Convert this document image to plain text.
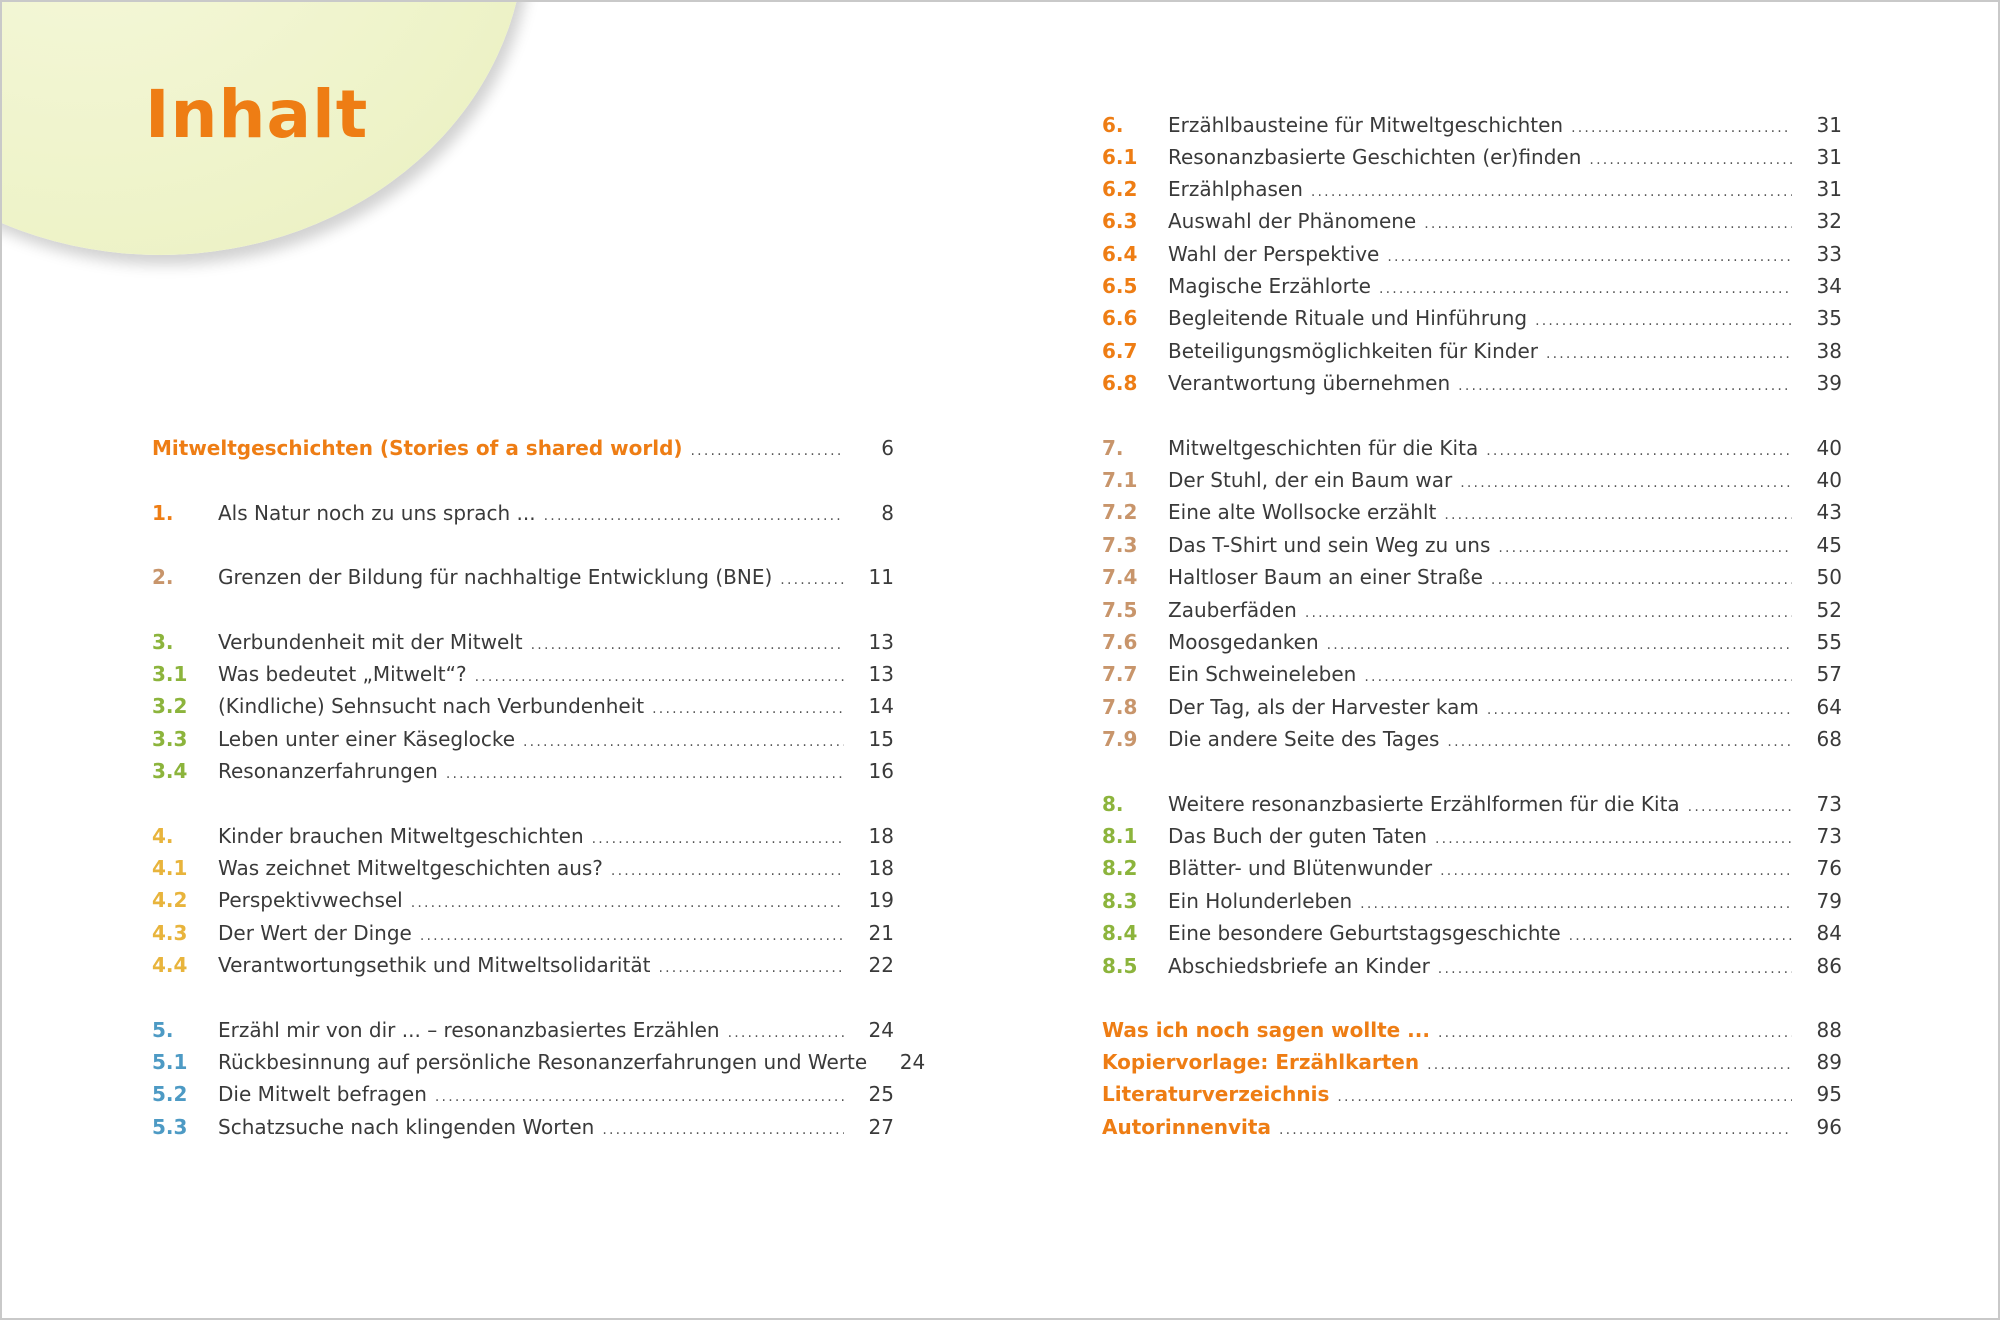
Inhalt
Mitweltgeschichten (Stories of a shared world) .....	6
1.	Als Natur noch zu uns sprach ... .....	8
2.	Grenzen der Bildung für nachhaltige Entwicklung (BNE) .....	11
3.	Verbundenheit mit der Mitwelt .....	13
3.1	Was bedeutet „Mitwelt“? .....	13
3.2	(Kindliche) Sehnsucht nach Verbundenheit .....	14
3.3	Leben unter einer Käseglocke .....	15
3.4	Resonanzerfahrungen .....	16
4.	Kinder brauchen Mitweltgeschichten .....	18
4.1	Was zeichnet Mitweltgeschichten aus? .....	18
4.2	Perspektivwechsel .....	19
4.3	Der Wert der Dinge .....	21
4.4	Verantwortungsethik und Mitweltsolidarität .....	22
5.	Erzähl mir von dir ... – resonanzbasiertes Erzählen .....	24
5.1	Rückbesinnung auf persönliche Resonanzerfahrungen und Werte	24
5.2	Die Mitwelt befragen .....	25
5.3	Schatzsuche nach klingenden Worten .....	27
6.	Erzählbausteine für Mitweltgeschichten .....	31
6.1	Resonanzbasierte Geschichten (er)finden .....	31
6.2	Erzählphasen .....	31
6.3	Auswahl der Phänomene .....	32
6.4	Wahl der Perspektive .....	33
6.5	Magische Erzählorte .....	34
6.6	Begleitende Rituale und Hinführung .....	35
6.7	Beteiligungsmöglichkeiten für Kinder .....	38
6.8	Verantwortung übernehmen .....	39
7.	Mitweltgeschichten für die Kita .....	40
7.1	Der Stuhl, der ein Baum war .....	40
7.2	Eine alte Wollsocke erzählt .....	43
7.3	Das T-Shirt und sein Weg zu uns .....	45
7.4	Haltloser Baum an einer Straße .....	50
7.5	Zauberfäden .....	52
7.6	Moosgedanken .....	55
7.7	Ein Schweineleben .....	57
7.8	Der Tag, als der Harvester kam .....	64
7.9	Die andere Seite des Tages .....	68
8.	Weitere resonanzbasierte Erzählformen für die Kita .....	73
8.1	Das Buch der guten Taten .....	73
8.2	Blätter- und Blütenwunder .....	76
8.3	Ein Holunderleben .....	79
8.4	Eine besondere Geburtstagsgeschichte .....	84
8.5	Abschiedsbriefe an Kinder .....	86
Was ich noch sagen wollte ... .....	88
Kopiervorlage: Erzählkarten .....	89
Literaturverzeichnis .....	95
Autorinnenvita .....	96
